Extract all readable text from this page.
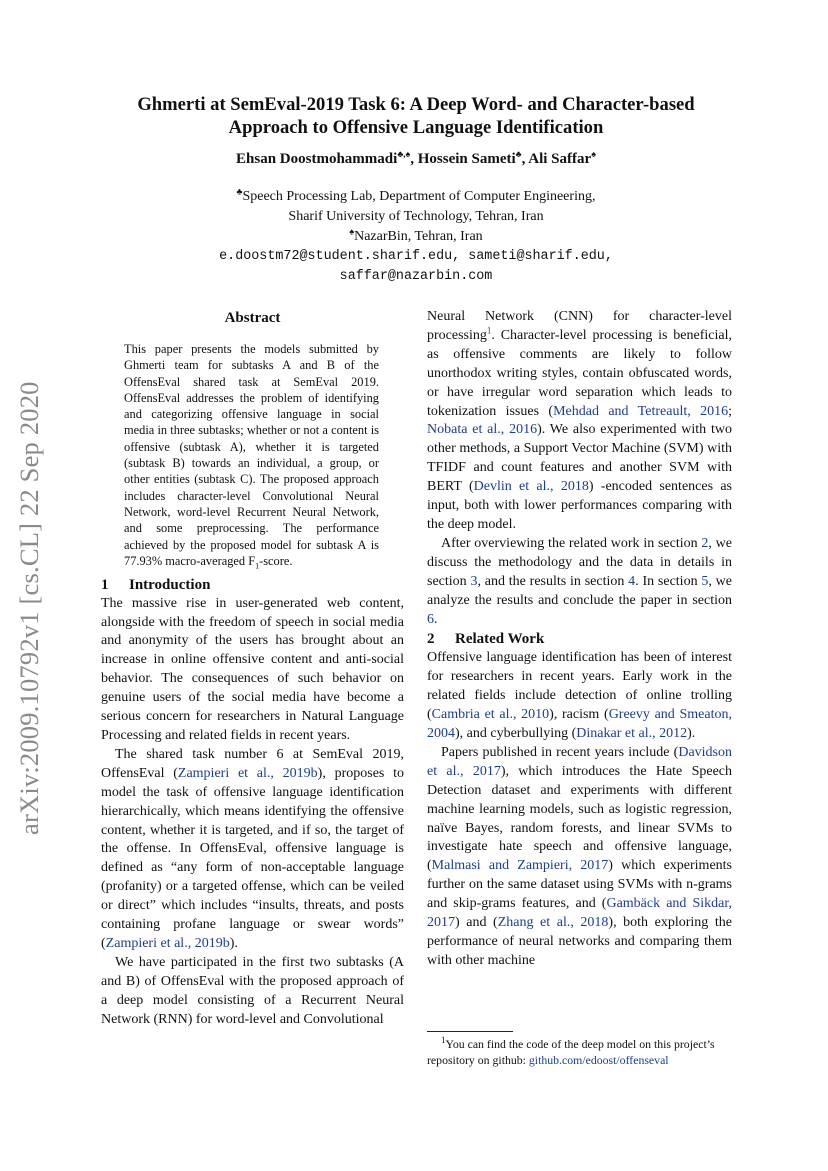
arXiv:2009.10792v1 [cs.CL] 22 Sep 2020
Ghmerti at SemEval-2019 Task 6: A Deep Word- and Character-based
Approach to Offensive Language Identification
Ehsan Doostmohammadi♣,♠, Hossein Sameti♣, Ali Saffar♠
♣Speech Processing Lab, Department of Computer Engineering,
Sharif University of Technology, Tehran, Iran
♠NazarBin, Tehran, Iran
e.doostm72@student.sharif.edu, sameti@sharif.edu,
saffar@nazarbin.com
Abstract
This paper presents the models submitted by Ghmerti team for subtasks A and B of the OffensEval shared task at SemEval 2019. OffensEval addresses the problem of identifying and categorizing offensive language in social media in three subtasks; whether or not a content is offensive (subtask A), whether it is targeted (subtask B) towards an individual, a group, or other entities (subtask C). The proposed approach includes character-level Convolutional Neural Network, word-level Recurrent Neural Network, and some preprocessing. The performance achieved by the proposed model for subtask A is 77.93% macro-averaged $F_1$-score.
1 Introduction

The massive rise in user-generated web content, alongside with the freedom of speech in social media and anonymity of the users has brought about an increase in online offensive content and anti-social behavior. The consequences of such behavior on genuine users of the social media have become a serious concern for researchers in Natural Language Processing and related fields in recent years.

The shared task number 6 at SemEval 2019, OffensEval (Zampieri et al., 2019b), proposes to model the task of offensive language identification hierarchically, which means identifying the offensive content, whether it is targeted, and if so, the target of the offense. In OffensEval, offensive language is defined as “any form of non-acceptable language (profanity) or a targeted offense, which can be veiled or direct” which includes “insults, threats, and posts containing profane language or swear words” (Zampieri et al., 2019b).

We have participated in the first two subtasks (A and B) of OffensEval with the proposed approach of a deep model consisting of a Recurrent Neural Network (RNN) for word-level and Convolutional

Neural Network (CNN) for character-level processing$^1$. Character-level processing is beneficial, as offensive comments are likely to follow unorthodox writing styles, contain obfuscated words, or have irregular word separation which leads to tokenization issues (Mehdad and Tetreault, 2016; Nobata et al., 2016). We also experimented with two other methods, a Support Vector Machine (SVM) with TFIDF and count features and another SVM with BERT (Devlin et al., 2018) -encoded sentences as input, both with lower performances comparing with the deep model.

After overviewing the related work in section 2, we discuss the methodology and the data in details in section 3, and the results in section 4. In section 5, we analyze the results and conclude the paper in section 6.

2 Related Work

Offensive language identification has been of interest for researchers in recent years. Early work in the related fields include detection of online trolling (Cambria et al., 2010), racism (Greevy and Smeaton, 2004), and cyberbullying (Dinakar et al., 2012).

Papers published in recent years include (Davidson et al., 2017), which introduces the Hate Speech Detection dataset and experiments with different machine learning models, such as logistic regression, naïve Bayes, random forests, and linear SVMs to investigate hate speech and offensive language, (Malmasi and Zampieri, 2017) which experiments further on the same dataset using SVMs with n-grams and skip-grams features, and (Gambäck and Sikdar, 2017) and (Zhang et al., 2018), both exploring the performance of neural networks and comparing them with other machine

$^1$You can find the code of the deep model on this project’s repository on github: github.com/edoost/offenseval
